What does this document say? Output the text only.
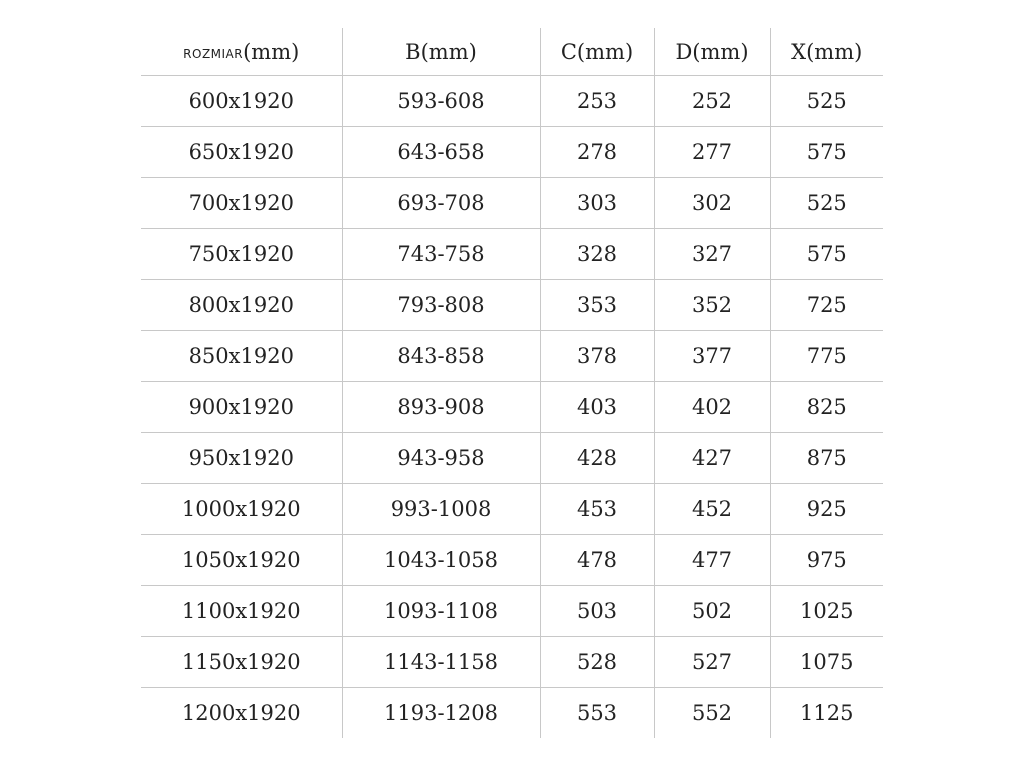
ROZMIAR(mm)	B(mm)	C(mm)	D(mm)	X(mm)
600x1920	593-608	253	252	525
650x1920	643-658	278	277	575
700x1920	693-708	303	302	525
750x1920	743-758	328	327	575
800x1920	793-808	353	352	725
850x1920	843-858	378	377	775
900x1920	893-908	403	402	825
950x1920	943-958	428	427	875
1000x1920	993-1008	453	452	925
1050x1920	1043-1058	478	477	975
1100x1920	1093-1108	503	502	1025
1150x1920	1143-1158	528	527	1075
1200x1920	1193-1208	553	552	1125
